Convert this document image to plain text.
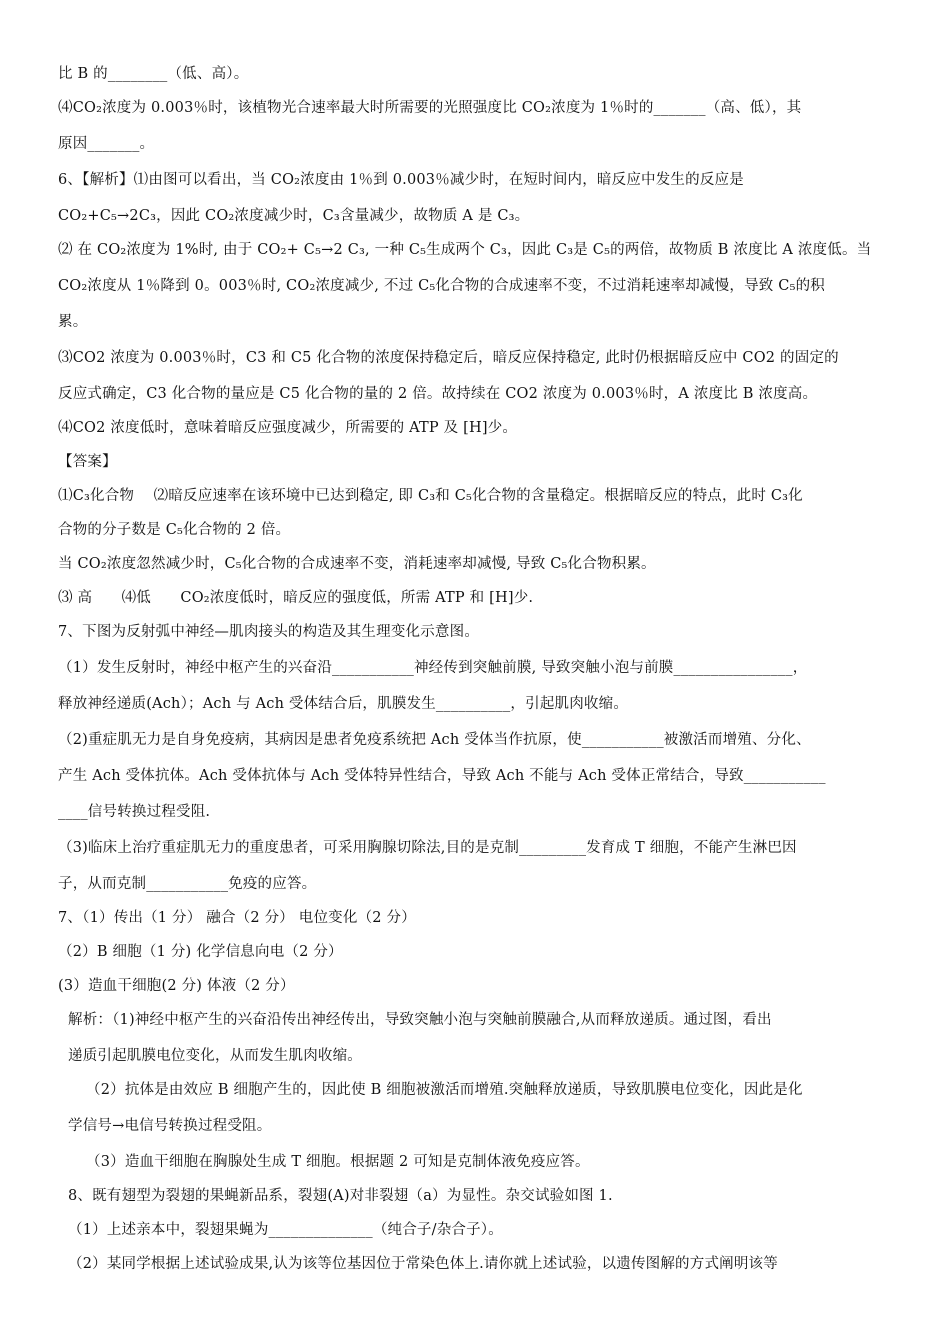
比 B 的________（低、高）。
⑷CO₂浓度为 0.003％时，该植物光合速率最大时所需要的光照强度比 CO₂浓度为 1％时的_______（高、低），其
原因_______。
6、【解析】⑴由图可以看出，当 CO₂浓度由 1％到 0.003％减少时，在短时间内，暗反应中发生的反应是
CO₂+C₅→2C₃，因此 CO₂浓度减少时，C₃含量减少，故物质 A 是 C₃。
⑵ 在 CO₂浓度为 1%时, 由于 CO₂+ C₅→2 C₃, 一种 C₅生成两个 C₃，因此 C₃是 C₅的两倍，故物质 B 浓度比 A 浓度低。当
CO₂浓度从 1％降到 0。003％时, CO₂浓度减少, 不过 C₅化合物的合成速率不变，不过消耗速率却减慢，导致 C₅的积
累。
⑶CO2 浓度为 0.003％时，C3 和 C5 化合物的浓度保持稳定后，暗反应保持稳定, 此时仍根据暗反应中 CO2 的固定的
反应式确定，C3 化合物的量应是 C5 化合物的量的 2 倍。故持续在 CO2 浓度为 0.003％时，A 浓度比 B 浓度高。
⑷CO2 浓度低时，意味着暗反应强度减少，所需要的 ATP 及 [H]少。
【答案】
⑴C₃化合物　 ⑵暗反应速率在该环境中已达到稳定, 即 C₃和 C₅化合物的含量稳定。根据暗反应的特点，此时 C₃化
合物的分子数是 C₅化合物的 2 倍。
当 CO₂浓度忽然减少时，C₅化合物的合成速率不变，消耗速率却减慢, 导致 C₅化合物积累。
⑶ 高　　⑷低　　CO₂浓度低时，暗反应的强度低，所需 ATP 和 [H]少.
7、下图为反射弧中神经—肌肉接头的构造及其生理变化示意图。
（1）发生反射时，神经中枢产生的兴奋沿___________神经传到突触前膜, 导致突触小泡与前膜________________，
释放神经递质(Ach）；Ach 与 Ach 受体结合后，肌膜发生__________，引起肌肉收缩。
（2)重症肌无力是自身免疫病，其病因是患者免疫系统把 Ach 受体当作抗原，使___________被激活而增殖、分化、
产生 Ach 受体抗体。Ach 受体抗体与 Ach 受体特异性结合，导致 Ach 不能与 Ach 受体正常结合，导致___________
____信号转换过程受阻.
（3)临床上治疗重症肌无力的重度患者，可采用胸腺切除法,目的是克制_________发育成 T 细胞，不能产生淋巴因
子，从而克制___________免疫的应答。
7、（1）传出（1 分） 融合（2 分） 电位变化（2 分）
（2）B 细胞（1 分) 化学信息向电（2 分）
(3）造血干细胞(2 分) 体液（2 分）
解析：（1)神经中枢产生的兴奋沿传出神经传出，导致突触小泡与突触前膜融合,从而释放递质。通过图，看出
递质引起肌膜电位变化，从而发生肌肉收缩。
（2）抗体是由效应 B 细胞产生的，因此使 B 细胞被激活而增殖.突触释放递质，导致肌膜电位变化，因此是化
学信号→电信号转换过程受阻。
（3）造血干细胞在胸腺处生成 T 细胞。根据题 2 可知是克制体液免疫应答。
8、既有翅型为裂翅的果蝇新品系，裂翅(A)对非裂翅（a）为显性。杂交试验如图 1.
（1）上述亲本中，裂翅果蝇为______________（纯合子/杂合子）。
（2）某同学根据上述试验成果,认为该等位基因位于常染色体上.请你就上述试验，以遗传图解的方式阐明该等
